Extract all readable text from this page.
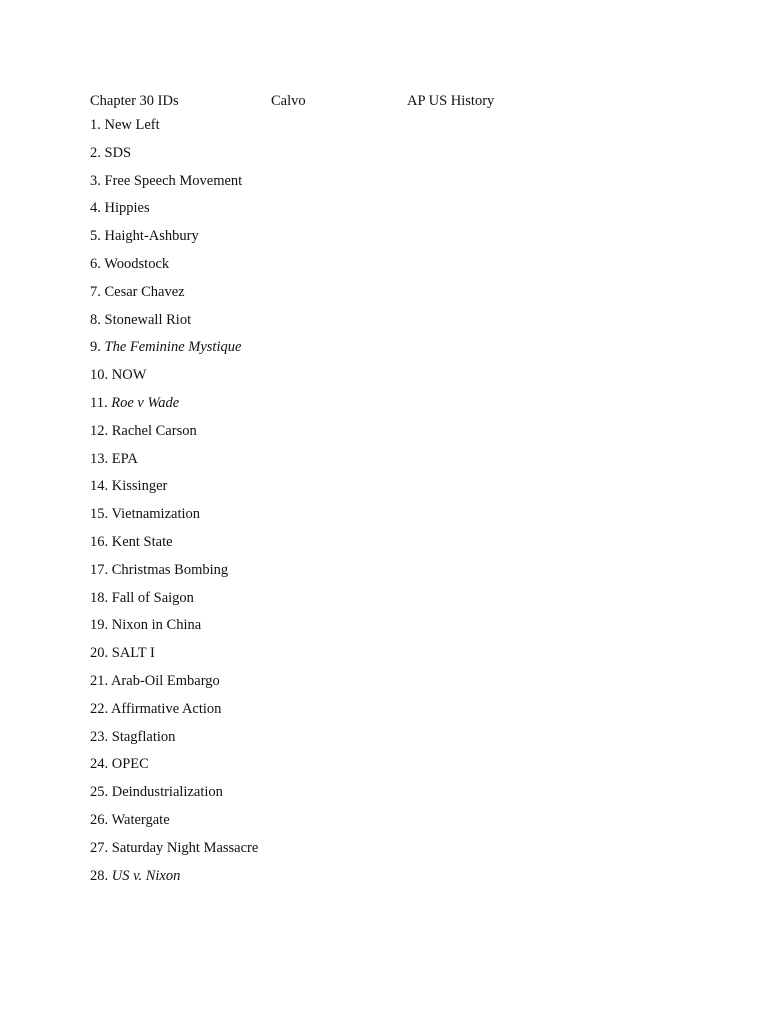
Chapter 30 IDs	Calvo	AP US History
1. New Left
2. SDS
3. Free Speech Movement
4. Hippies
5. Haight-Ashbury
6. Woodstock
7. Cesar Chavez
8. Stonewall Riot
9. The Feminine Mystique
10. NOW
11. Roe v Wade
12. Rachel Carson
13. EPA
14. Kissinger
15. Vietnamization
16. Kent State
17. Christmas Bombing
18. Fall of Saigon
19. Nixon in China
20. SALT I
21. Arab-Oil Embargo
22. Affirmative Action
23. Stagflation
24. OPEC
25. Deindustrialization
26. Watergate
27. Saturday Night Massacre
28. US v. Nixon
